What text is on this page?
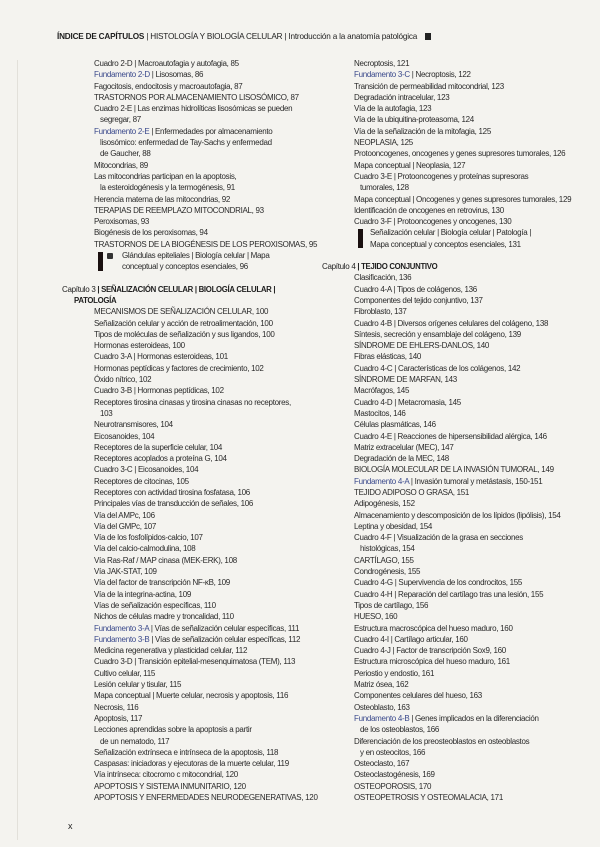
ÍNDICE DE CAPÍTULOS | HISTOLOGÍA Y BIOLOGÍA CELULAR | Introducción a la anatomía patológica
Cuadro 2-D | Macroautofagia y autofagia, 85
Fundamento 2-D | Lisosomas, 86
Fagocitosis, endocitosis y macroautofagia, 87
TRASTORNOS POR ALMACENAMIENTO LISOSÓMICO, 87
Cuadro 2-E | Las enzimas hidrolíticas lisosómicas se pueden
segregar, 87
Fundamento 2-E | Enfermedades por almacenamiento
lisosómico: enfermedad de Tay-Sachs y enfermedad
de Gaucher, 88
Mitocondrias, 89
Las mitocondrias participan en la apoptosis,
la esteroidogénesis y la termogénesis, 91
Herencia materna de las mitocondrias, 92
TERAPIAS DE REEMPLAZO MITOCONDRIAL, 93
Peroxisomas, 93
Biogénesis de los peroxisomas, 94
TRASTORNOS DE LA BIOGÉNESIS DE LOS PEROXISOMAS, 95
Glándulas epiteliales | Biología celular | Mapa
conceptual y conceptos esenciales, 96
Capítulo 3 | SEÑALIZACIÓN CELULAR | BIOLOGÍA CELULAR |
PATOLOGÍA
MECANISMOS DE SEÑALIZACIÓN CELULAR, 100
Señalización celular y acción de retroalimentación, 100
Tipos de moléculas de señalización y sus ligandos, 100
Hormonas esteroideas, 100
Cuadro 3-A | Hormonas esteroideas, 101
Hormonas peptídicas y factores de crecimiento, 102
Óxido nítrico, 102
Cuadro 3-B | Hormonas peptídicas, 102
Receptores tirosina cinasas y tirosina cinasas no receptores,
103
Neurotransmisores, 104
Eicosanoides, 104
Receptores de la superficie celular, 104
Receptores acoplados a proteína G, 104
Cuadro 3-C | Eicosanoides, 104
Receptores de citocinas, 105
Receptores con actividad tirosina fosfatasa, 106
Principales vías de transducción de señales, 106
Vía del AMPc, 106
Vía del GMPc, 107
Vía de los fosfolípidos-calcio, 107
Vía del calcio-calmodulina, 108
Vía Ras-Raf / MAP cinasa (MEK-ERK), 108
Vía JAK-STAT, 109
Vía del factor de transcripción NF-κB, 109
Vía de la integrina-actina, 109
Vías de señalización específicas, 110
Nichos de células madre y troncalidad, 110
Fundamento 3-A | Vías de señalización celular específicas, 111
Fundamento 3-B | Vías de señalización celular específicas, 112
Medicina regenerativa y plasticidad celular, 112
Cuadro 3-D | Transición epitelial-mesenquimatosa (TEM), 113
Cultivo celular, 115
Lesión celular y tisular, 115
Mapa conceptual | Muerte celular, necrosis y apoptosis, 116
Necrosis, 116
Apoptosis, 117
Lecciones aprendidas sobre la apoptosis a partir
de un nematodo, 117
Señalización extrínseca e intrínseca de la apoptosis, 118
Caspasas: iniciadoras y ejecutoras de la muerte celular, 119
Vía intrínseca: citocromo c mitocondrial, 120
APOPTOSIS Y SISTEMA INMUNITARIO, 120
APOPTOSIS Y ENFERMEDADES NEURODEGENERATIVAS, 120
Necroptosis, 121
Fundamento 3-C | Necroptosis, 122
Transición de permeabilidad mitocondrial, 123
Degradación intracelular, 123
Vía de la autofagia, 123
Vía de la ubiquitina-proteasoma, 124
Vía de la señalización de la mitofagia, 125
NEOPLASIA, 125
Protooncogenes, oncogenes y genes supresores tumorales, 126
Mapa conceptual | Neoplasia, 127
Cuadro 3-E | Protooncogenes y proteínas supresoras
tumorales, 128
Mapa conceptual | Oncogenes y genes supresores tumorales, 129
Identificación de oncogenes en retrovirus, 130
Cuadro 3-F | Protooncogenes y oncogenes, 130
Señalización celular | Biología celular | Patología |
Mapa conceptual y conceptos esenciales, 131
Capítulo 4 | TEJIDO CONJUNTIVO
Clasificación, 136
Cuadro 4-A | Tipos de colágenos, 136
Componentes del tejido conjuntivo, 137
Fibroblasto, 137
Cuadro 4-B | Diversos orígenes celulares del colágeno, 138
Síntesis, secreción y ensamblaje del colágeno, 139
SÍNDROME DE EHLERS-DANLOS, 140
Fibras elásticas, 140
Cuadro 4-C | Características de los colágenos, 142
SÍNDROME DE MARFAN, 143
Macrófagos, 145
Cuadro 4-D | Metacromasia, 145
Mastocitos, 146
Células plasmáticas, 146
Cuadro 4-E | Reacciones de hipersensibilidad alérgica, 146
Matriz extracelular (MEC), 147
Degradación de la MEC, 148
BIOLOGÍA MOLECULAR DE LA INVASIÓN TUMORAL, 149
Fundamento 4-A | Invasión tumoral y metástasis, 150-151
TEJIDO ADIPOSO O GRASA, 151
Adipogénesis, 152
Almacenamiento y descomposición de los lípidos (lipólisis), 154
Leptina y obesidad, 154
Cuadro 4-F | Visualización de la grasa en secciones
histológicas, 154
CARTÍLAGO, 155
Condrogénesis, 155
Cuadro 4-G | Supervivencia de los condrocitos, 155
Cuadro 4-H | Reparación del cartílago tras una lesión, 155
Tipos de cartílago, 156
HUESO, 160
Estructura macroscópica del hueso maduro, 160
Cuadro 4-I | Cartílago articular, 160
Cuadro 4-J | Factor de transcripción Sox9, 160
Estructura microscópica del hueso maduro, 161
Periostio y endostio, 161
Matriz ósea, 162
Componentes celulares del hueso, 163
Osteoblasto, 163
Fundamento 4-B | Genes implicados en la diferenciación
de los osteoblastos, 166
Diferenciación de los preosteoblastos en osteoblastos
y en osteocitos, 166
Osteoclasto, 167
Osteoclastogénesis, 169
OSTEOPOROSIS, 170
OSTEOPETROSIS Y OSTEOMALACIA, 171
x
